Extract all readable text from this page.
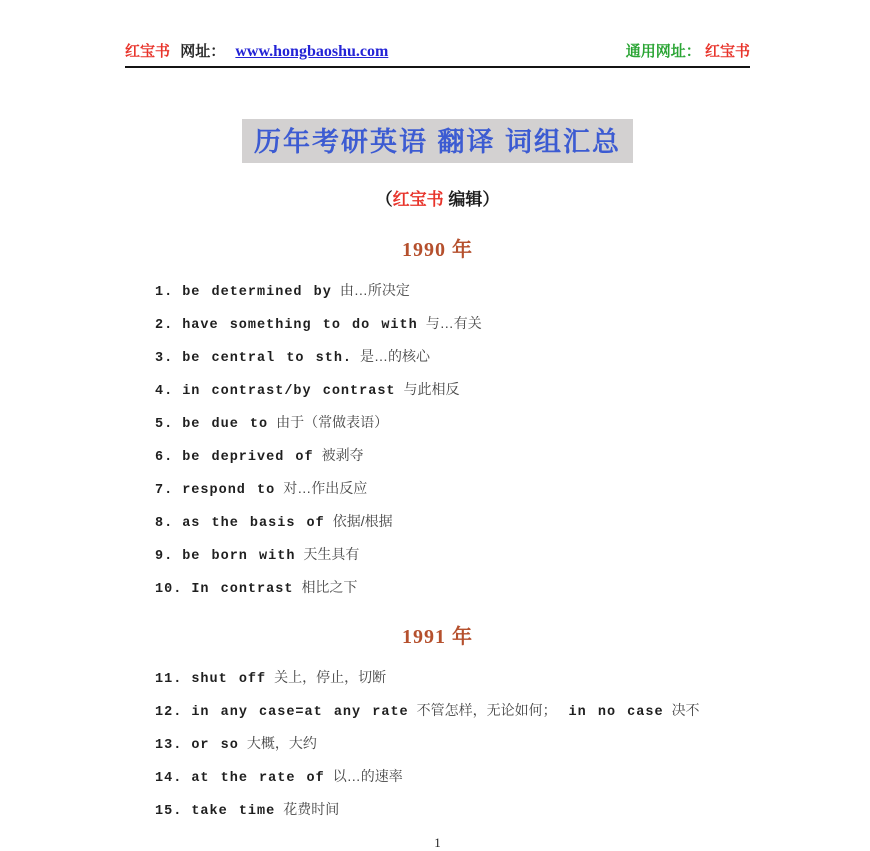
红宝书 网址： www.hongbaoshu.com	通用网址： 红宝书
历年考研英语 翻译 词组汇总
（红宝书 编辑）
1990 年
1. be determined by 由…所决定
2. have something to do with 与…有关
3. be central to sth. 是…的核心
4. in contrast/by contrast 与此相反
5. be due to 由于（常做表语）
6. be deprived of 被剥夺
7. respond to 对…作出反应
8. as the basis of 依据/根据
9. be born with 天生具有
10. In contrast 相比之下
1991 年
11. shut off 关上，停止，切断
12. in any case=at any rate 不管怎样，无论如何； in no case 决不
13. or so 大概，大约
14. at the rate of 以…的速率
15. take time 花费时间
1
